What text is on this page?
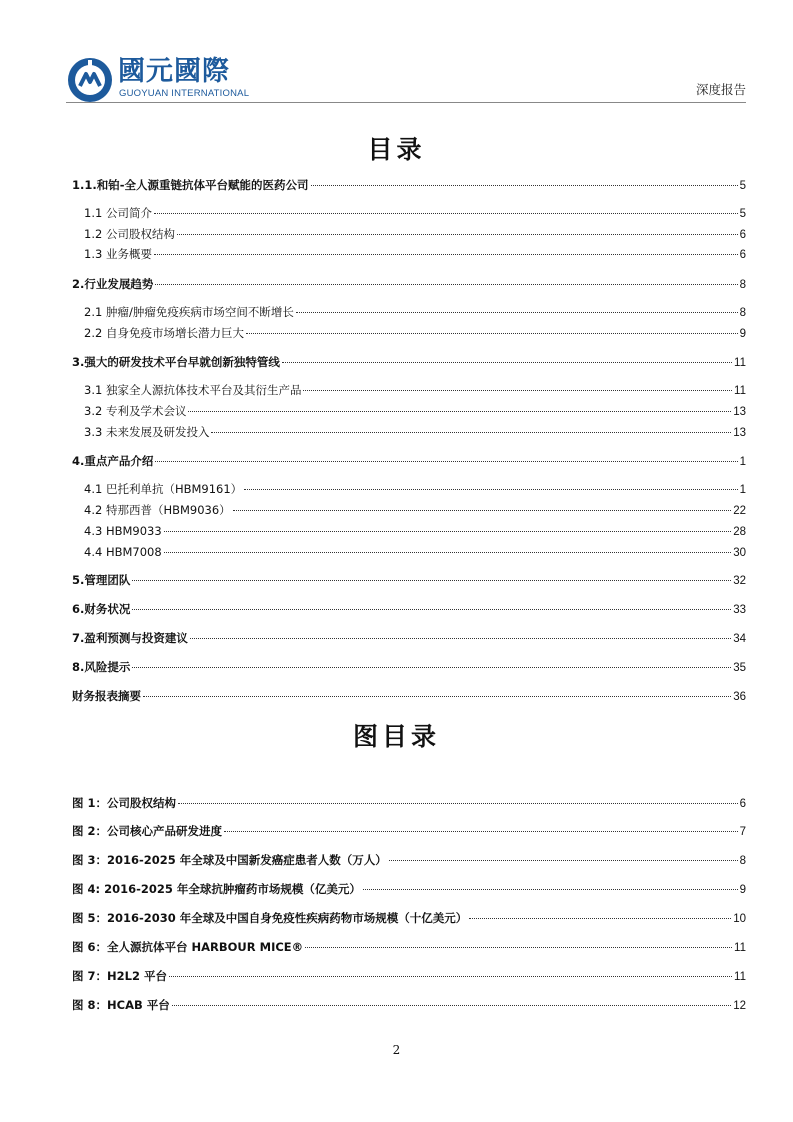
國元國際
GUOYUAN INTERNATIONAL	深度报告
目录
1.1.和铂-全人源重链抗体平台赋能的医药公司	5
1.1 公司简介	5
1.2 公司股权结构	6
1.3 业务概要	6
2.行业发展趋势	8
2.1 肿瘤/肿瘤免疫疾病市场空间不断增长	8
2.2 自身免疫市场增长潜力巨大	9
3.强大的研发技术平台早就创新独特管线	11
3.1 独家全人源抗体技术平台及其衍生产品	11
3.2 专利及学术会议	13
3.3 未来发展及研发投入	13
4.重点产品介绍	1
4.1 巴托利单抗（HBM9161）	1
4.2 特那西普（HBM9036）	22
4.3 HBM9033	28
4.4 HBM7008	30
5.管理团队	32
6.财务状况	33
7.盈利预测与投资建议	34
8.风险提示	35
财务报表摘要	36
图目录
图 1：公司股权结构	6
图 2：公司核心产品研发进度	7
图 3：2016-2025 年全球及中国新发癌症患者人数（万人）	8
图 4: 2016-2025 年全球抗肿瘤药市场规模（亿美元）	9
图 5：2016-2030 年全球及中国自身免疫性疾病药物市场规模（十亿美元）	10
图 6：全人源抗体平台 HARBOUR MICE®	11
图 7：H2L2 平台	11
图 8：HCAB 平台	12
2
